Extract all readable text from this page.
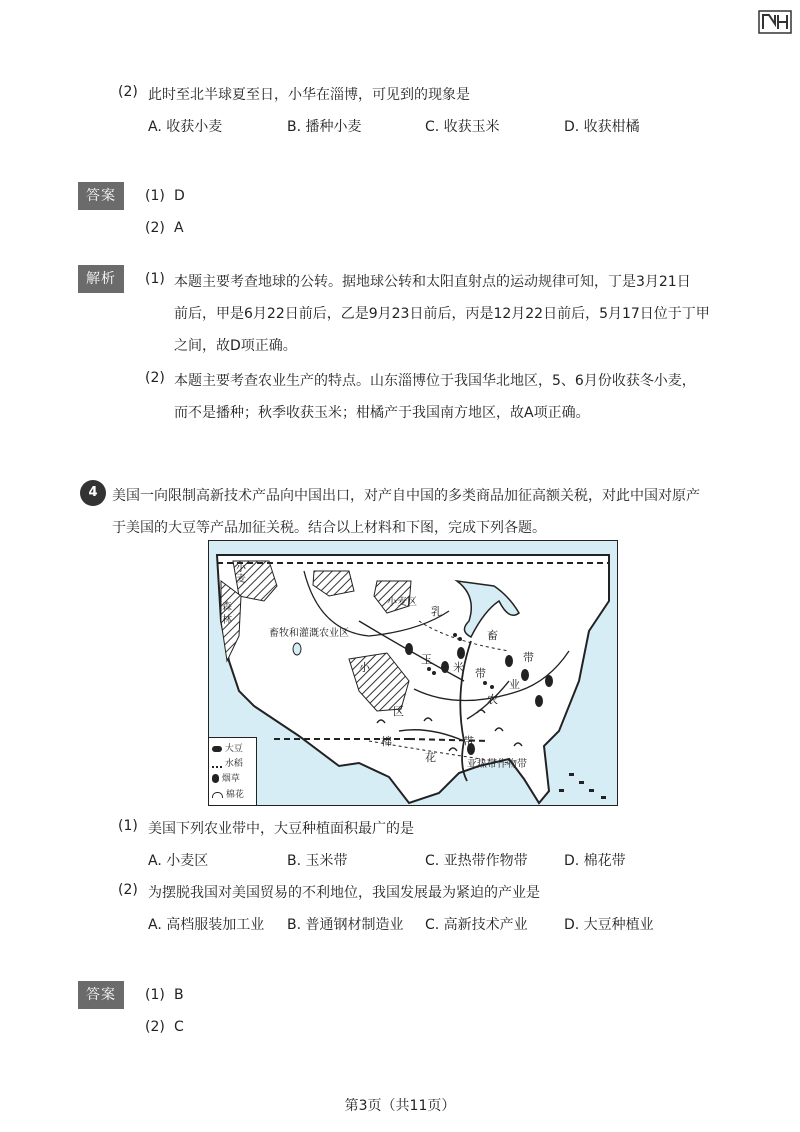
(2) 此时至北半球夏至日，小华在淄博，可见到的现象是
A. 收获小麦	B. 播种小麦	C. 收获玉米	D. 收获柑橘
答案	(1) D
(2) A
解析	(1) 本题主要考查地球的公转。据地球公转和太阳直射点的运动规律可知，丁是3月21日
前后，甲是6月22日前后，乙是9月23日前后，丙是12月22日前后，5月17日位于丁甲
之间，故D项正确。
(2) 本题主要考查农业生产的特点。山东淄博位于我国华北地区，5、6月份收获冬小麦，
而不是播种；秋季收获玉米；柑橘产于我国南方地区，故A项正确。
4	美国一向限制高新技术产品向中国出口，对产自中国的多类商品加征高额关税，对此中国对原产
于美国的大豆等产品加征关税。结合以上材料和下图，完成下列各题。
小麦
森林
畜牧和灌溉农业区
乳
小麦区
小
玉
米 带
畜
农
业
带
区
棉
花
带
亚热带作物带
大豆
水稻
烟草
棉花
(1) 美国下列农业带中，大豆种植面积最广的是
A. 小麦区	B. 玉米带	C. 亚热带作物带	D. 棉花带
(2) 为摆脱我国对美国贸易的不利地位，我国发展最为紧迫的产业是
A. 高档服装加工业 B. 普通钢材制造业 C. 高新技术产业	D. 大豆种植业
答案	(1) B
(2) C
第3页（共11页）
